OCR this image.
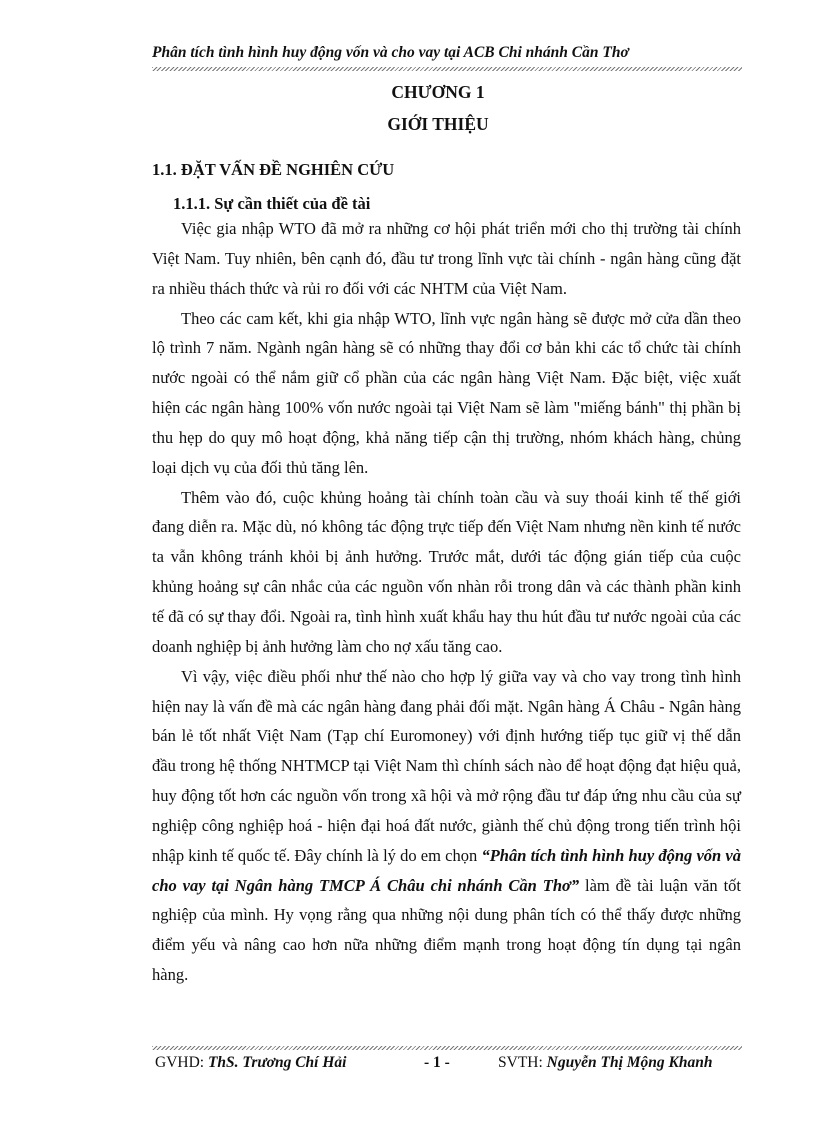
Phân tích tình hình huy động vốn và cho vay tại ACB Chi nhánh Cần Thơ
CHƯƠNG 1
GIỚI THIỆU
1.1. ĐẶT VẤN ĐỀ NGHIÊN CỨU
1.1.1. Sự cần thiết của đề tài

Việc gia nhập WTO đã mở ra những cơ hội phát triển mới cho thị trường tài chính Việt Nam. Tuy nhiên, bên cạnh đó, đầu tư trong lĩnh vực tài chính - ngân hàng cũng đặt ra nhiều thách thức và rủi ro đối với các NHTM của Việt Nam.

Theo các cam kết, khi gia nhập WTO, lĩnh vực ngân hàng sẽ được mở cửa dần theo lộ trình 7 năm. Ngành ngân hàng sẽ có những thay đổi cơ bản khi các tổ chức tài chính nước ngoài có thể nắm giữ cổ phần của các ngân hàng Việt Nam. Đặc biệt, việc xuất hiện các ngân hàng 100% vốn nước ngoài tại Việt Nam sẽ làm "miếng bánh" thị phần bị thu hẹp do quy mô hoạt động, khả năng tiếp cận thị trường, nhóm khách hàng, chủng loại dịch vụ của đối thủ tăng lên.

Thêm vào đó, cuộc khủng hoảng tài chính toàn cầu và suy thoái kinh tế thế giới đang diễn ra. Mặc dù, nó không tác động trực tiếp đến Việt Nam nhưng nền kinh tế nước ta vẫn không tránh khỏi bị ảnh hưởng. Trước mắt, dưới tác động gián tiếp của cuộc khủng hoảng sự cân nhắc của các nguồn vốn nhàn rỗi trong dân và các thành phần kinh tế đã có sự thay đổi. Ngoài ra, tình hình xuất khẩu hay thu hút đầu tư nước ngoài của các doanh nghiệp bị ảnh hưởng làm cho nợ xấu tăng cao.

Vì vậy, việc điều phối như thế nào cho hợp lý giữa vay và cho vay trong tình hình hiện nay là vấn đề mà các ngân hàng đang phải đối mặt. Ngân hàng Á Châu - Ngân hàng bán lẻ tốt nhất Việt Nam (Tạp chí Euromoney) với định hướng tiếp tục giữ vị thế dẫn đầu trong hệ thống NHTMCP tại Việt Nam thì chính sách nào để hoạt động đạt hiệu quả, huy động tốt hơn các nguồn vốn trong xã hội và mở rộng đầu tư đáp ứng nhu cầu của sự nghiệp công nghiệp hoá - hiện đại hoá đất nước, giành thế chủ động trong tiến trình hội nhập kinh tế quốc tế. Đây chính là lý do em chọn “Phân tích tình hình huy động vốn và cho vay tại Ngân hàng TMCP Á Châu chi nhánh Cần Thơ” làm đề tài luận văn tốt nghiệp của mình. Hy vọng rằng qua những nội dung phân tích có thể thấy được những điểm yếu và nâng cao hơn nữa những điểm mạnh trong hoạt động tín dụng tại ngân hàng.

GVHD: ThS. Trương Chí Hải	- 1 -	SVTH: Nguyễn Thị Mộng Khanh
